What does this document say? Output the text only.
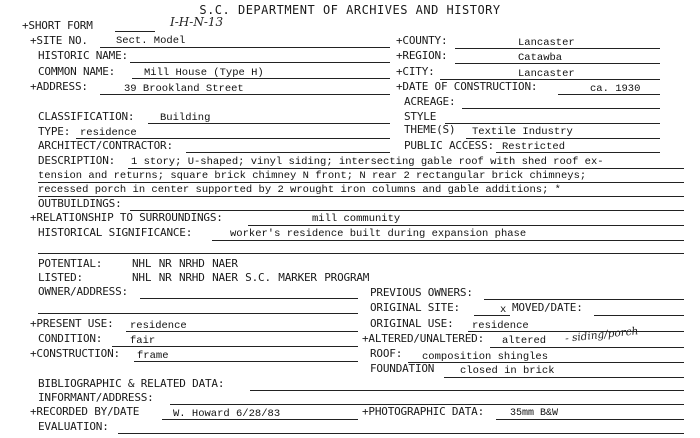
S.C. DEPARTMENT OF ARCHIVES AND HISTORY
+SHORT FORM	I-H-N-13
+SITE NO.	Sect. Model	+COUNTY:	Lancaster
HISTORIC NAME:	+REGION:	Catawba
COMMON NAME:	Mill House (Type H)	+CITY:	Lancaster
+ADDRESS:	39 Brookland Street	+DATE OF CONSTRUCTION:	ca. 1930
ACREAGE:
CLASSIFICATION: Building	STYLE
TYPE: residence	THEME(S) Textile Industry
ARCHITECT/CONTRACTOR:	PUBLIC ACCESS: Restricted
DESCRIPTION: 1 story; U-shaped; vinyl siding; intersecting gable roof with shed roof ex-
tension and returns; square brick chimney N front; N rear 2 rectangular brick chimneys;
recessed porch in center supported by 2 wrought iron columns and gable additions; *
OUTBUILDINGS:
+RELATIONSHIP TO SURROUNDINGS:	mill community
HISTORICAL SIGNIFICANCE:	worker's residence built during expansion phase
POTENTIAL:	NHL NR NRHD NAER
LISTED:	NHL NR NRHD NAER S.C. MARKER PROGRAM
OWNER/ADDRESS:	PREVIOUS OWNERS:
ORIGINAL SITE:	x MOVED/DATE:
+PRESENT USE: residence	ORIGINAL USE: residence
CONDITION:	fair	+ALTERED/UNALTERED: altered - siding/porch
+CONSTRUCTION: frame	ROOF: composition shingles
FOUNDATION closed in brick
BIBLIOGRAPHIC & RELATED DATA:
INFORMANT/ADDRESS:
+RECORDED BY/DATE	W. Howard 6/28/83	+PHOTOGRAPHIC DATA:	35mm B&W
EVALUATION:
